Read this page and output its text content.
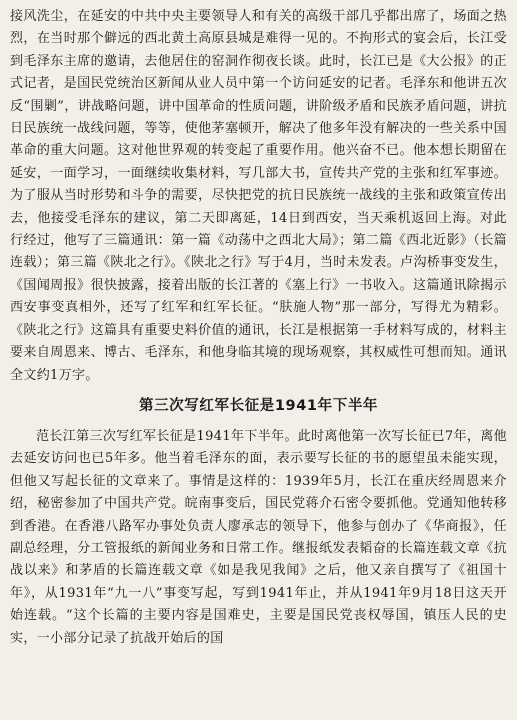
接风洗尘，在延安的中共中央主要领导人和有关的高级干部几乎都出席了，场面之热烈，在当时那个僻远的西北黄土高原县城是难得一见的。不拘形式的宴会后，长江受到毛泽东主席的邀请，去他居住的窑洞作彻夜长谈。此时，长江已是《大公报》的正式记者，是国民党统治区新闻从业人员中第一个访问延安的记者。毛泽东和他讲五次反“围剿”，讲战略问题，讲中国革命的性质问题，讲阶级矛盾和民族矛盾问题，讲抗日民族统一战线问题，等等，使他茅塞顿开，解决了他多年没有解决的一些关系中国革命的重大问题。这对他世界观的转变起了重要作用。他兴奋不已。他本想长期留在延安，一面学习，一面继续收集材料，写几部大书，宣传共产党的主张和红军事迹。为了服从当时形势和斗争的需要，尽快把党的抗日民族统一战线的主张和政策宣传出去，他接受毛泽东的建议，第二天即离延，14日到西安，当天乘机返回上海。对此行经过，他写了三篇通讯：第一篇《动荡中之西北大局》；第二篇《西北近影》（长篇连载）；第三篇《陕北之行》。《陕北之行》写于4月，当时未发表。卢沟桥事变发生，《国闻周报》很快披露，接着出版的长江著的《塞上行》一书收入。这篇通讯除揭示西安事变真相外，还写了红军和红军长征。“肤施人物”那一部分，写得尤为精彩。《陕北之行》这篇具有重要史料价值的通讯，长江是根据第一手材料写成的，材料主要来自周恩来、博古、毛泽东，和他身临其境的现场观察，其权威性可想而知。通讯全文约1万字。

第三次写红军长征是1941年下半年

范长江第三次写红军长征是1941年下半年。此时离他第一次写长征已7年，离他去延安访问也已5年多。他当着毛泽东的面，表示要写长征的书的愿望虽未能实现，但他又写起长征的文章来了。事情是这样的：1939年5月，长江在重庆经周恩来介绍，秘密参加了中国共产党。皖南事变后，国民党蒋介石密令要抓他。党通知他转移到香港。在香港八路军办事处负责人廖承志的领导下，他参与创办了《华商报》，任副总经理，分工管报纸的新闻业务和日常工作。继报纸发表韬奋的长篇连载文章《抗战以来》和茅盾的长篇连载文章《如是我见我闻》之后，他又亲自撰写了《祖国十年》，从1931年“九一八”事变写起，写到1941年止，并从1941年9月18日这天开始连载。“这个长篇的主要内容是国难史，主要是国民党丧权辱国，镇压人民的史实，一小部分记录了抗战开始后的国
